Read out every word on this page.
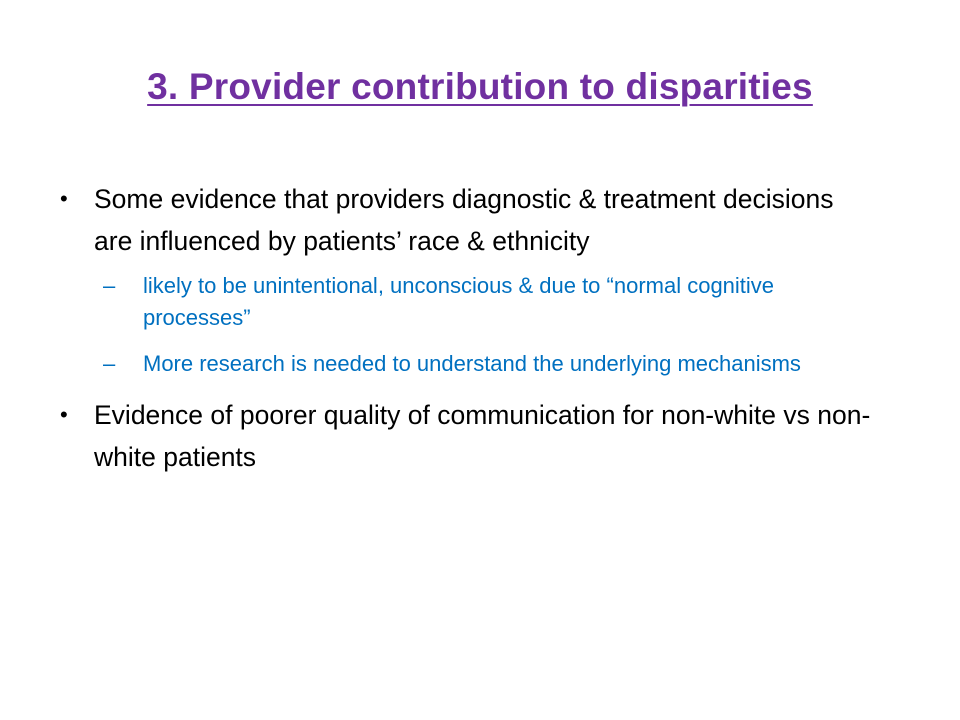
3. Provider contribution to disparities
• Some evidence that providers diagnostic & treatment decisions are influenced by patients’ race & ethnicity
– likely to be unintentional, unconscious & due to “normal cognitive processes”
– More research is needed to understand the underlying mechanisms
• Evidence of poorer quality of communication for non-white vs non-white patients
